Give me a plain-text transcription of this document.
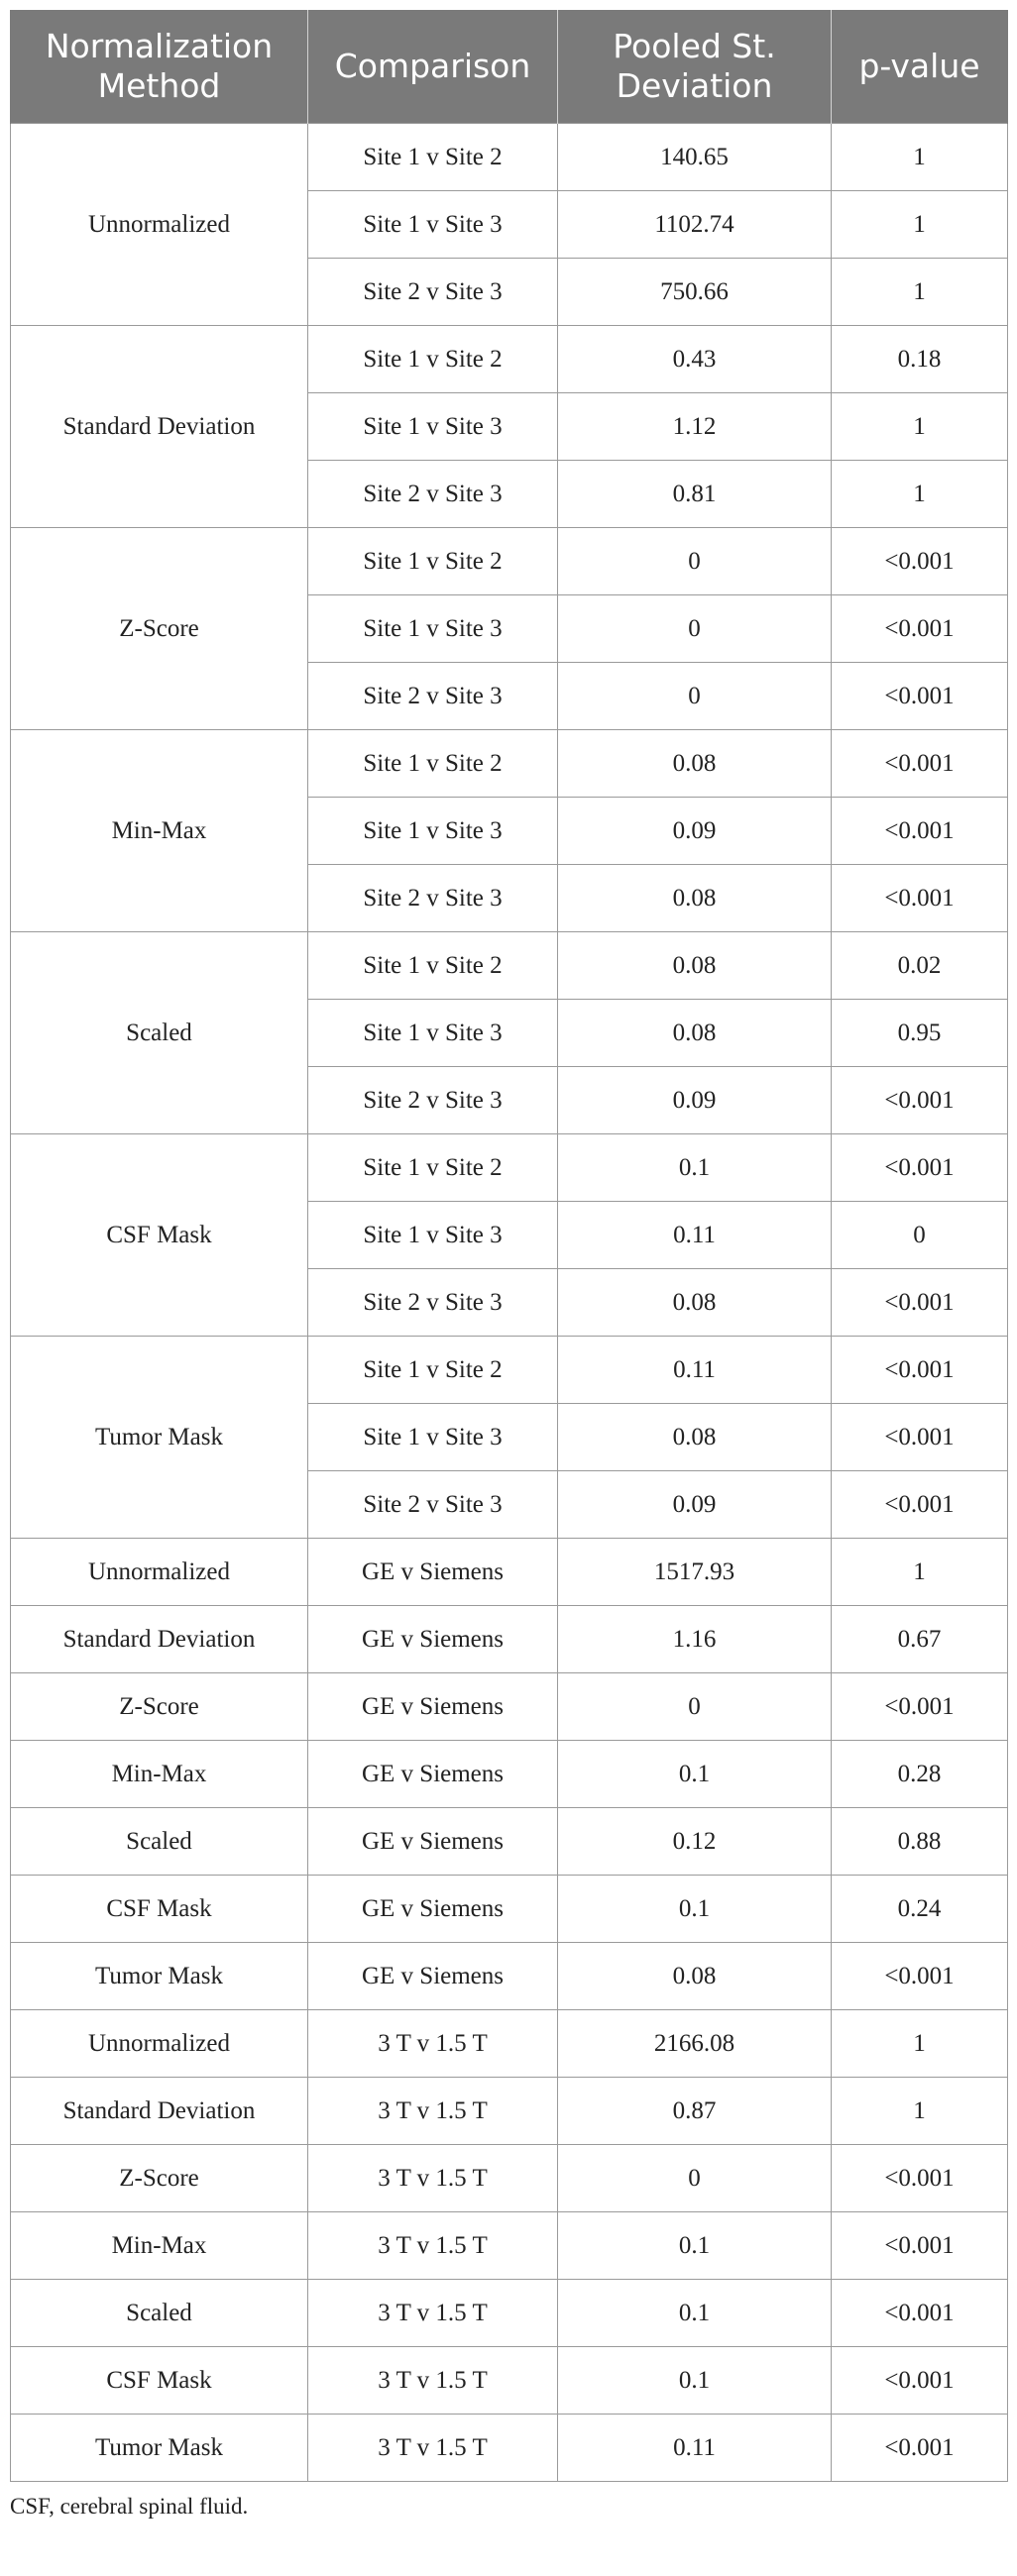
Normalization Method	Comparison	Pooled St. Deviation	p-value
Unnormalized	Site 1 v Site 2	140.65	1
	Site 1 v Site 3	1102.74	1
	Site 2 v Site 3	750.66	1
Standard Deviation	Site 1 v Site 2	0.43	0.18
	Site 1 v Site 3	1.12	1
	Site 2 v Site 3	0.81	1
Z-Score	Site 1 v Site 2	0	<0.001
	Site 1 v Site 3	0	<0.001
	Site 2 v Site 3	0	<0.001
Min-Max	Site 1 v Site 2	0.08	<0.001
	Site 1 v Site 3	0.09	<0.001
	Site 2 v Site 3	0.08	<0.001
Scaled	Site 1 v Site 2	0.08	0.02
	Site 1 v Site 3	0.08	0.95
	Site 2 v Site 3	0.09	<0.001
CSF Mask	Site 1 v Site 2	0.1	<0.001
	Site 1 v Site 3	0.11	0
	Site 2 v Site 3	0.08	<0.001
Tumor Mask	Site 1 v Site 2	0.11	<0.001
	Site 1 v Site 3	0.08	<0.001
	Site 2 v Site 3	0.09	<0.001
Unnormalized	GE v Siemens	1517.93	1
Standard Deviation	GE v Siemens	1.16	0.67
Z-Score	GE v Siemens	0	<0.001
Min-Max	GE v Siemens	0.1	0.28
Scaled	GE v Siemens	0.12	0.88
CSF Mask	GE v Siemens	0.1	0.24
Tumor Mask	GE v Siemens	0.08	<0.001
Unnormalized	3 T v 1.5 T	2166.08	1
Standard Deviation	3 T v 1.5 T	0.87	1
Z-Score	3 T v 1.5 T	0	<0.001
Min-Max	3 T v 1.5 T	0.1	<0.001
Scaled	3 T v 1.5 T	0.1	<0.001
CSF Mask	3 T v 1.5 T	0.1	<0.001
Tumor Mask	3 T v 1.5 T	0.11	<0.001
CSF, cerebral spinal fluid.
